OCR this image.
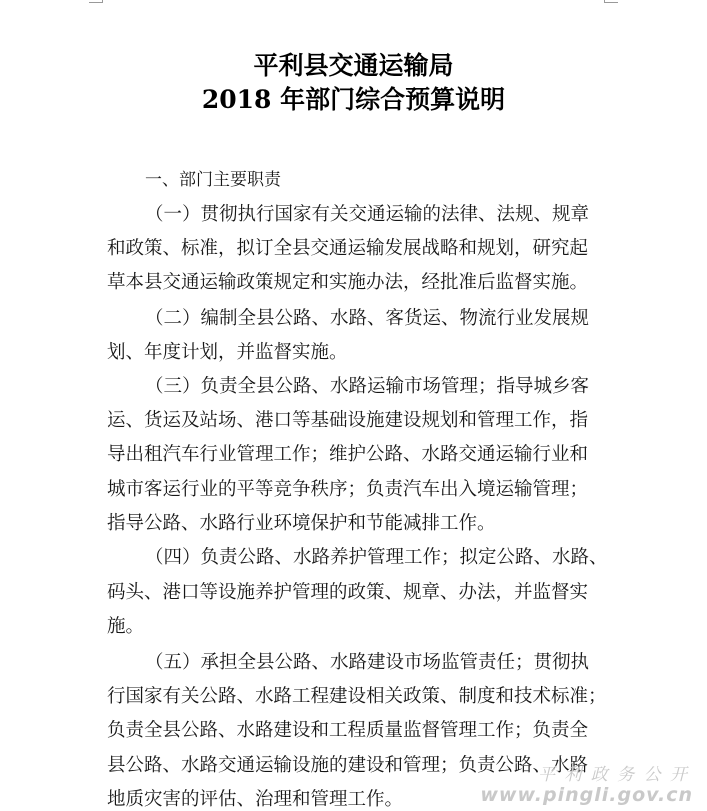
平利县交通运输局
2018 年部门综合预算说明
一、部门主要职责
（一）贯彻执行国家有关交通运输的法律、法规、规章
和政策、标准，拟订全县交通运输发展战略和规划，研究起
草本县交通运输政策规定和实施办法，经批准后监督实施。
（二）编制全县公路、水路、客货运、物流行业发展规
划、年度计划，并监督实施。
（三）负责全县公路、水路运输市场管理；指导城乡客
运、货运及站场、港口等基础设施建设规划和管理工作，指
导出租汽车行业管理工作；维护公路、水路交通运输行业和
城市客运行业的平等竞争秩序；负责汽车出入境运输管理；
指导公路、水路行业环境保护和节能减排工作。
（四）负责公路、水路养护管理工作；拟定公路、水路、
码头、港口等设施养护管理的政策、规章、办法，并监督实
施。
（五）承担全县公路、水路建设市场监管责任；贯彻执
行国家有关公路、水路工程建设相关政策、制度和技术标准；
负责全县公路、水路建设和工程质量监督管理工作；负责全
县公路、水路交通运输设施的建设和管理；负责公路、水路
地质灾害的评估、治理和管理工作。
平 利 政 务 公 开
www.pingli.gov.cn
